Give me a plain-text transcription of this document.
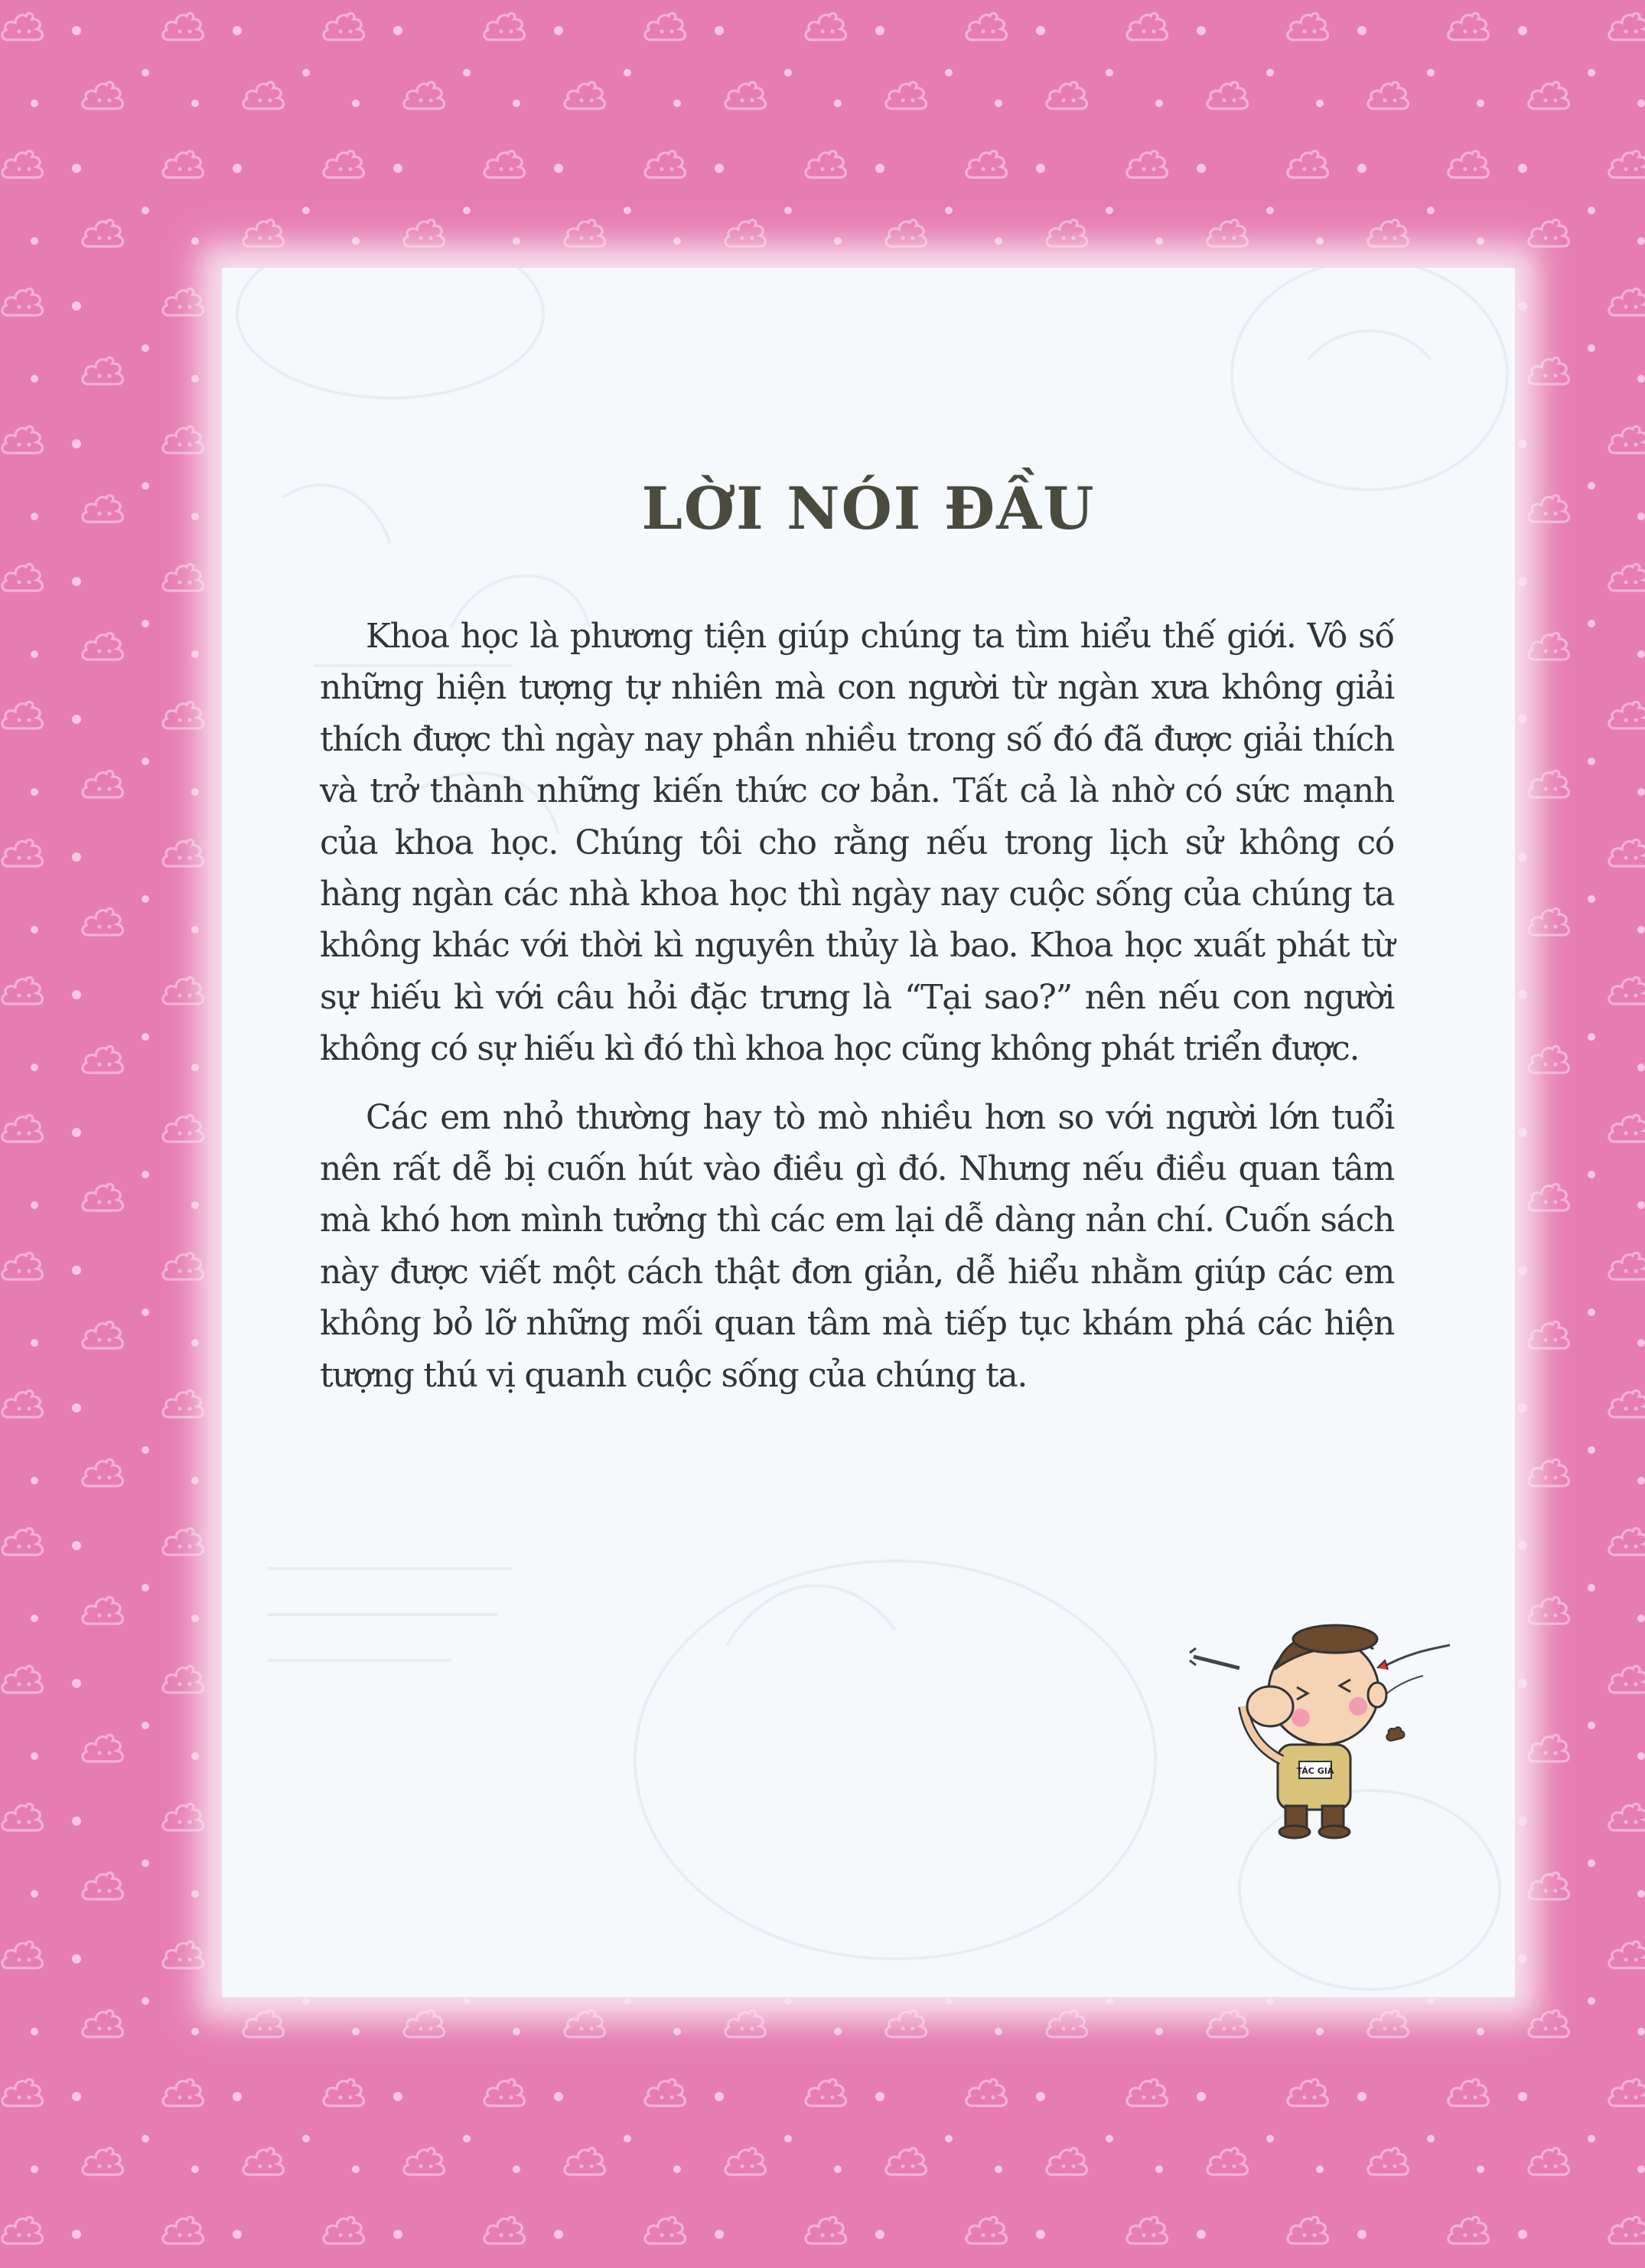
LỜI NÓI ĐẦU

Khoa học là phương tiện giúp chúng ta tìm hiểu thế giới. Vô số những hiện tượng tự nhiên mà con người từ ngàn xưa không giải thích được thì ngày nay phần nhiều trong số đó đã được giải thích và trở thành những kiến thức cơ bản. Tất cả là nhờ có sức mạnh của khoa học. Chúng tôi cho rằng nếu trong lịch sử không có hàng ngàn các nhà khoa học thì ngày nay cuộc sống của chúng ta không khác với thời kì nguyên thủy là bao. Khoa học xuất phát từ sự hiếu kì với câu hỏi đặc trưng là “Tại sao?” nên nếu con người không có sự hiếu kì đó thì khoa học cũng không phát triển được.

Các em nhỏ thường hay tò mò nhiều hơn so với người lớn tuổi nên rất dễ bị cuốn hút vào điều gì đó. Nhưng nếu điều quan tâm mà khó hơn mình tưởng thì các em lại dễ dàng nản chí. Cuốn sách này được viết một cách thật đơn giản, dễ hiểu nhằm giúp các em không bỏ lỡ những mối quan tâm mà tiếp tục khám phá các hiện tượng thú vị quanh cuộc sống của chúng ta.

TÁC GIẢ
